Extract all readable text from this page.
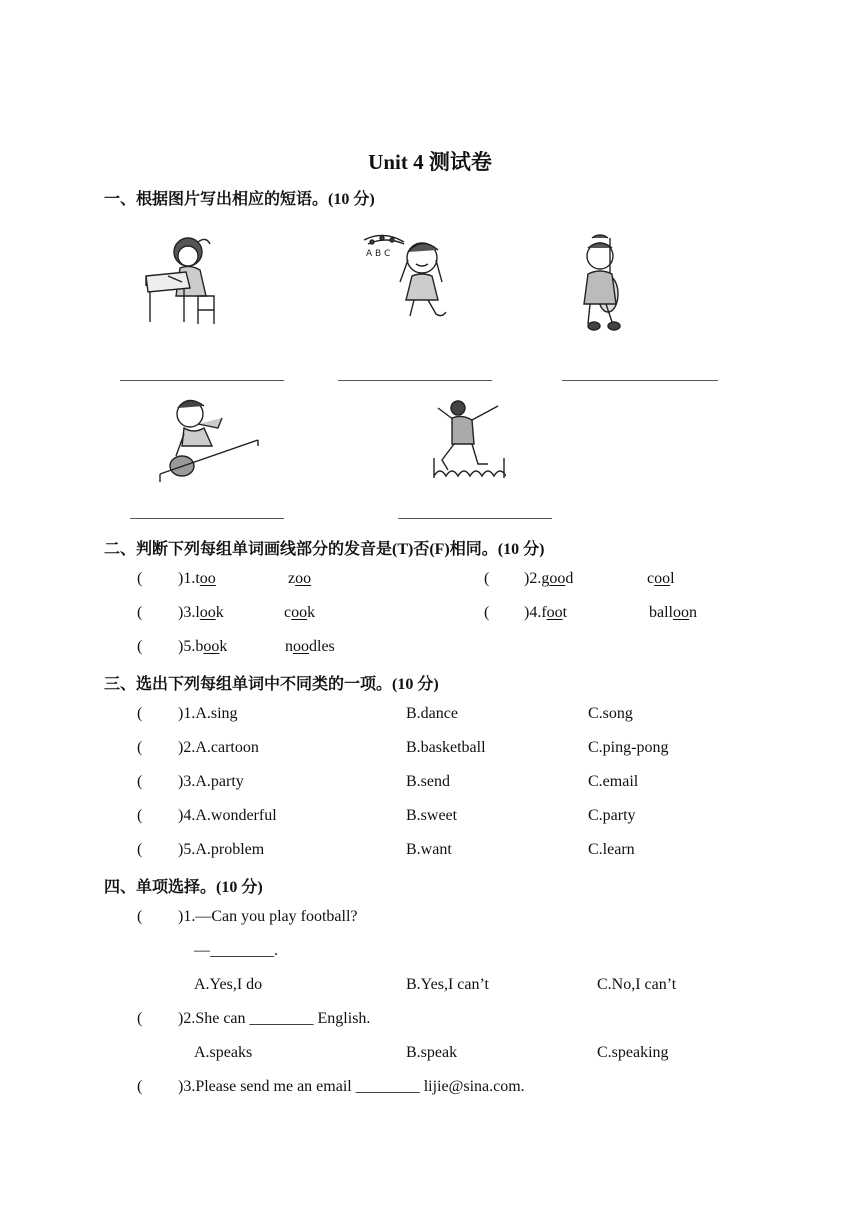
Unit 4 测试卷
一、根据图片写出相应的短语。(10 分)
A B C
二、判断下列每组单词画线部分的发音是(T)否(F)相同。(10 分)
( )1.too	zoo	( )2.good	cool
( )3.look	cook	( )4.foot	balloon
( )5.book	noodles
三、选出下列每组单词中不同类的一项。(10 分)
( )1.A.sing	B.dance	C.song
( )2.A.cartoon	B.basketball	C.ping-pong
( )3.A.party	B.send	C.email
( )4.A.wonderful	B.sweet	C.party
( )5.A.problem	B.want	C.learn
四、单项选择。(10 分)
( )1.—Can you play football?
—________.
A.Yes,I do	B.Yes,I can’t	C.No,I can’t
( )2.She can ________ English.
A.speaks	B.speak	C.speaking
( )3.Please send me an email ________ lijie@sina.com.
